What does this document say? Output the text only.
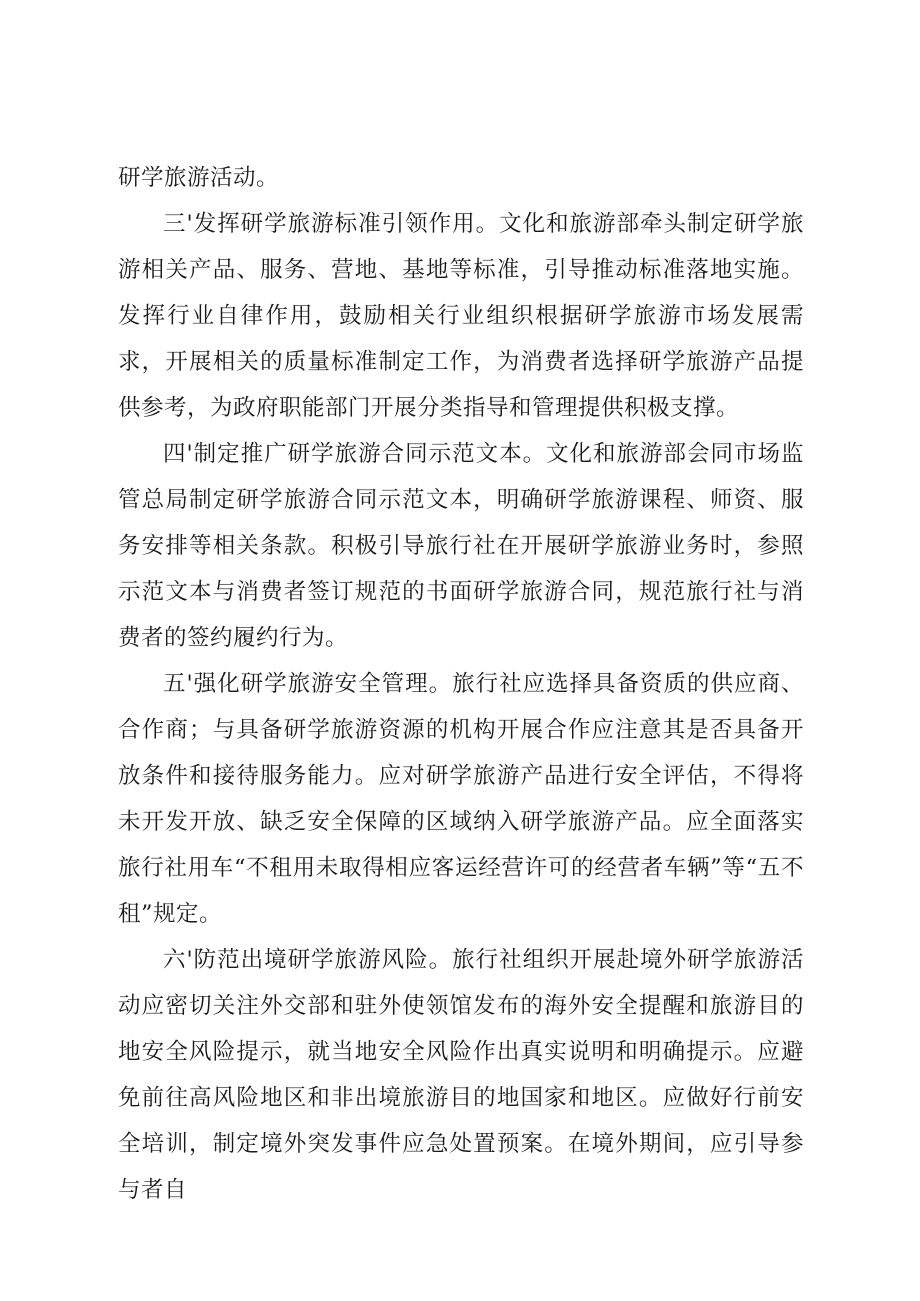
研学旅游活动。

三'发挥研学旅游标准引领作用。文化和旅游部牵头制定研学旅游相关产品、服务、营地、基地等标准，引导推动标准落地实施。发挥行业自律作用，鼓励相关行业组织根据研学旅游市场发展需求，开展相关的质量标准制定工作，为消费者选择研学旅游产品提供参考，为政府职能部门开展分类指导和管理提供积极支撑。

四'制定推广研学旅游合同示范文本。文化和旅游部会同市场监管总局制定研学旅游合同示范文本，明确研学旅游课程、师资、服务安排等相关条款。积极引导旅行社在开展研学旅游业务时，参照示范文本与消费者签订规范的书面研学旅游合同，规范旅行社与消费者的签约履约行为。

五'强化研学旅游安全管理。旅行社应选择具备资质的供应商、合作商；与具备研学旅游资源的机构开展合作应注意其是否具备开放条件和接待服务能力。应对研学旅游产品进行安全评估，不得将未开发开放、缺乏安全保障的区域纳入研学旅游产品。应全面落实旅行社用车“不租用未取得相应客运经营许可的经营者车辆”等“五不租”规定。

六'防范出境研学旅游风险。旅行社组织开展赴境外研学旅游活动应密切关注外交部和驻外使领馆发布的海外安全提醒和旅游目的地安全风险提示，就当地安全风险作出真实说明和明确提示。应避免前往高风险地区和非出境旅游目的地国家和地区。应做好行前安全培训，制定境外突发事件应急处置预案。在境外期间，应引导参与者自
